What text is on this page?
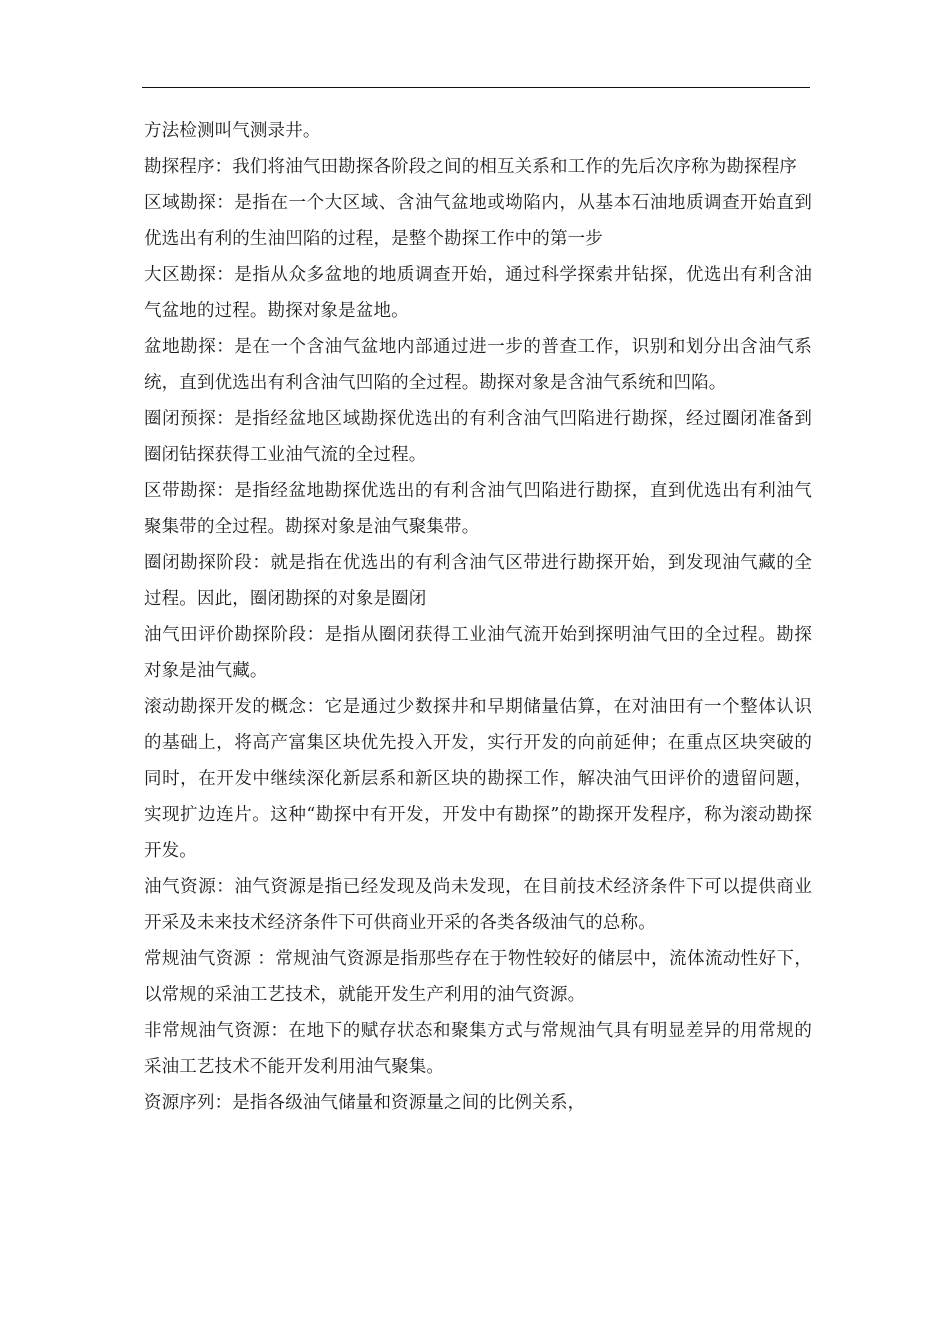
方法检测叫气测录井。

勘探程序：我们将油气田勘探各阶段之间的相互关系和工作的先后次序称为勘探程序

区域勘探：是指在一个大区域、含油气盆地或坳陷内，从基本石油地质调查开始直到优选出有利的生油凹陷的过程，是整个勘探工作中的第一步

大区勘探：是指从众多盆地的地质调查开始，通过科学探索井钻探，优选出有利含油气盆地的过程。勘探对象是盆地。

盆地勘探：是在一个含油气盆地内部通过进一步的普查工作，识别和划分出含油气系统，直到优选出有利含油气凹陷的全过程。勘探对象是含油气系统和凹陷。

圈闭预探：是指经盆地区域勘探优选出的有利含油气凹陷进行勘探，经过圈闭准备到圈闭钻探获得工业油气流的全过程。

区带勘探：是指经盆地勘探优选出的有利含油气凹陷进行勘探，直到优选出有利油气聚集带的全过程。勘探对象是油气聚集带。

圈闭勘探阶段：就是指在优选出的有利含油气区带进行勘探开始，到发现油气藏的全过程。因此，圈闭勘探的对象是圈闭

油气田评价勘探阶段：是指从圈闭获得工业油气流开始到探明油气田的全过程。勘探对象是油气藏。

滚动勘探开发的概念：它是通过少数探井和早期储量估算，在对油田有一个整体认识的基础上，将高产富集区块优先投入开发，实行开发的向前延伸；在重点区块突破的同时，在开发中继续深化新层系和新区块的勘探工作，解决油气田评价的遗留问题，实现扩边连片。这种“勘探中有开发，开发中有勘探”的勘探开发程序，称为滚动勘探开发。

油气资源：油气资源是指已经发现及尚未发现，在目前技术经济条件下可以提供商业开采及未来技术经济条件下可供商业开采的各类各级油气的总称。

常规油气资源 ：常规油气资源是指那些存在于物性较好的储层中，流体流动性好下，以常规的采油工艺技术，就能开发生产利用的油气资源。

非常规油气资源：在地下的赋存状态和聚集方式与常规油气具有明显差异的用常规的采油工艺技术不能开发利用油气聚集。

资源序列：是指各级油气储量和资源量之间的比例关系，
